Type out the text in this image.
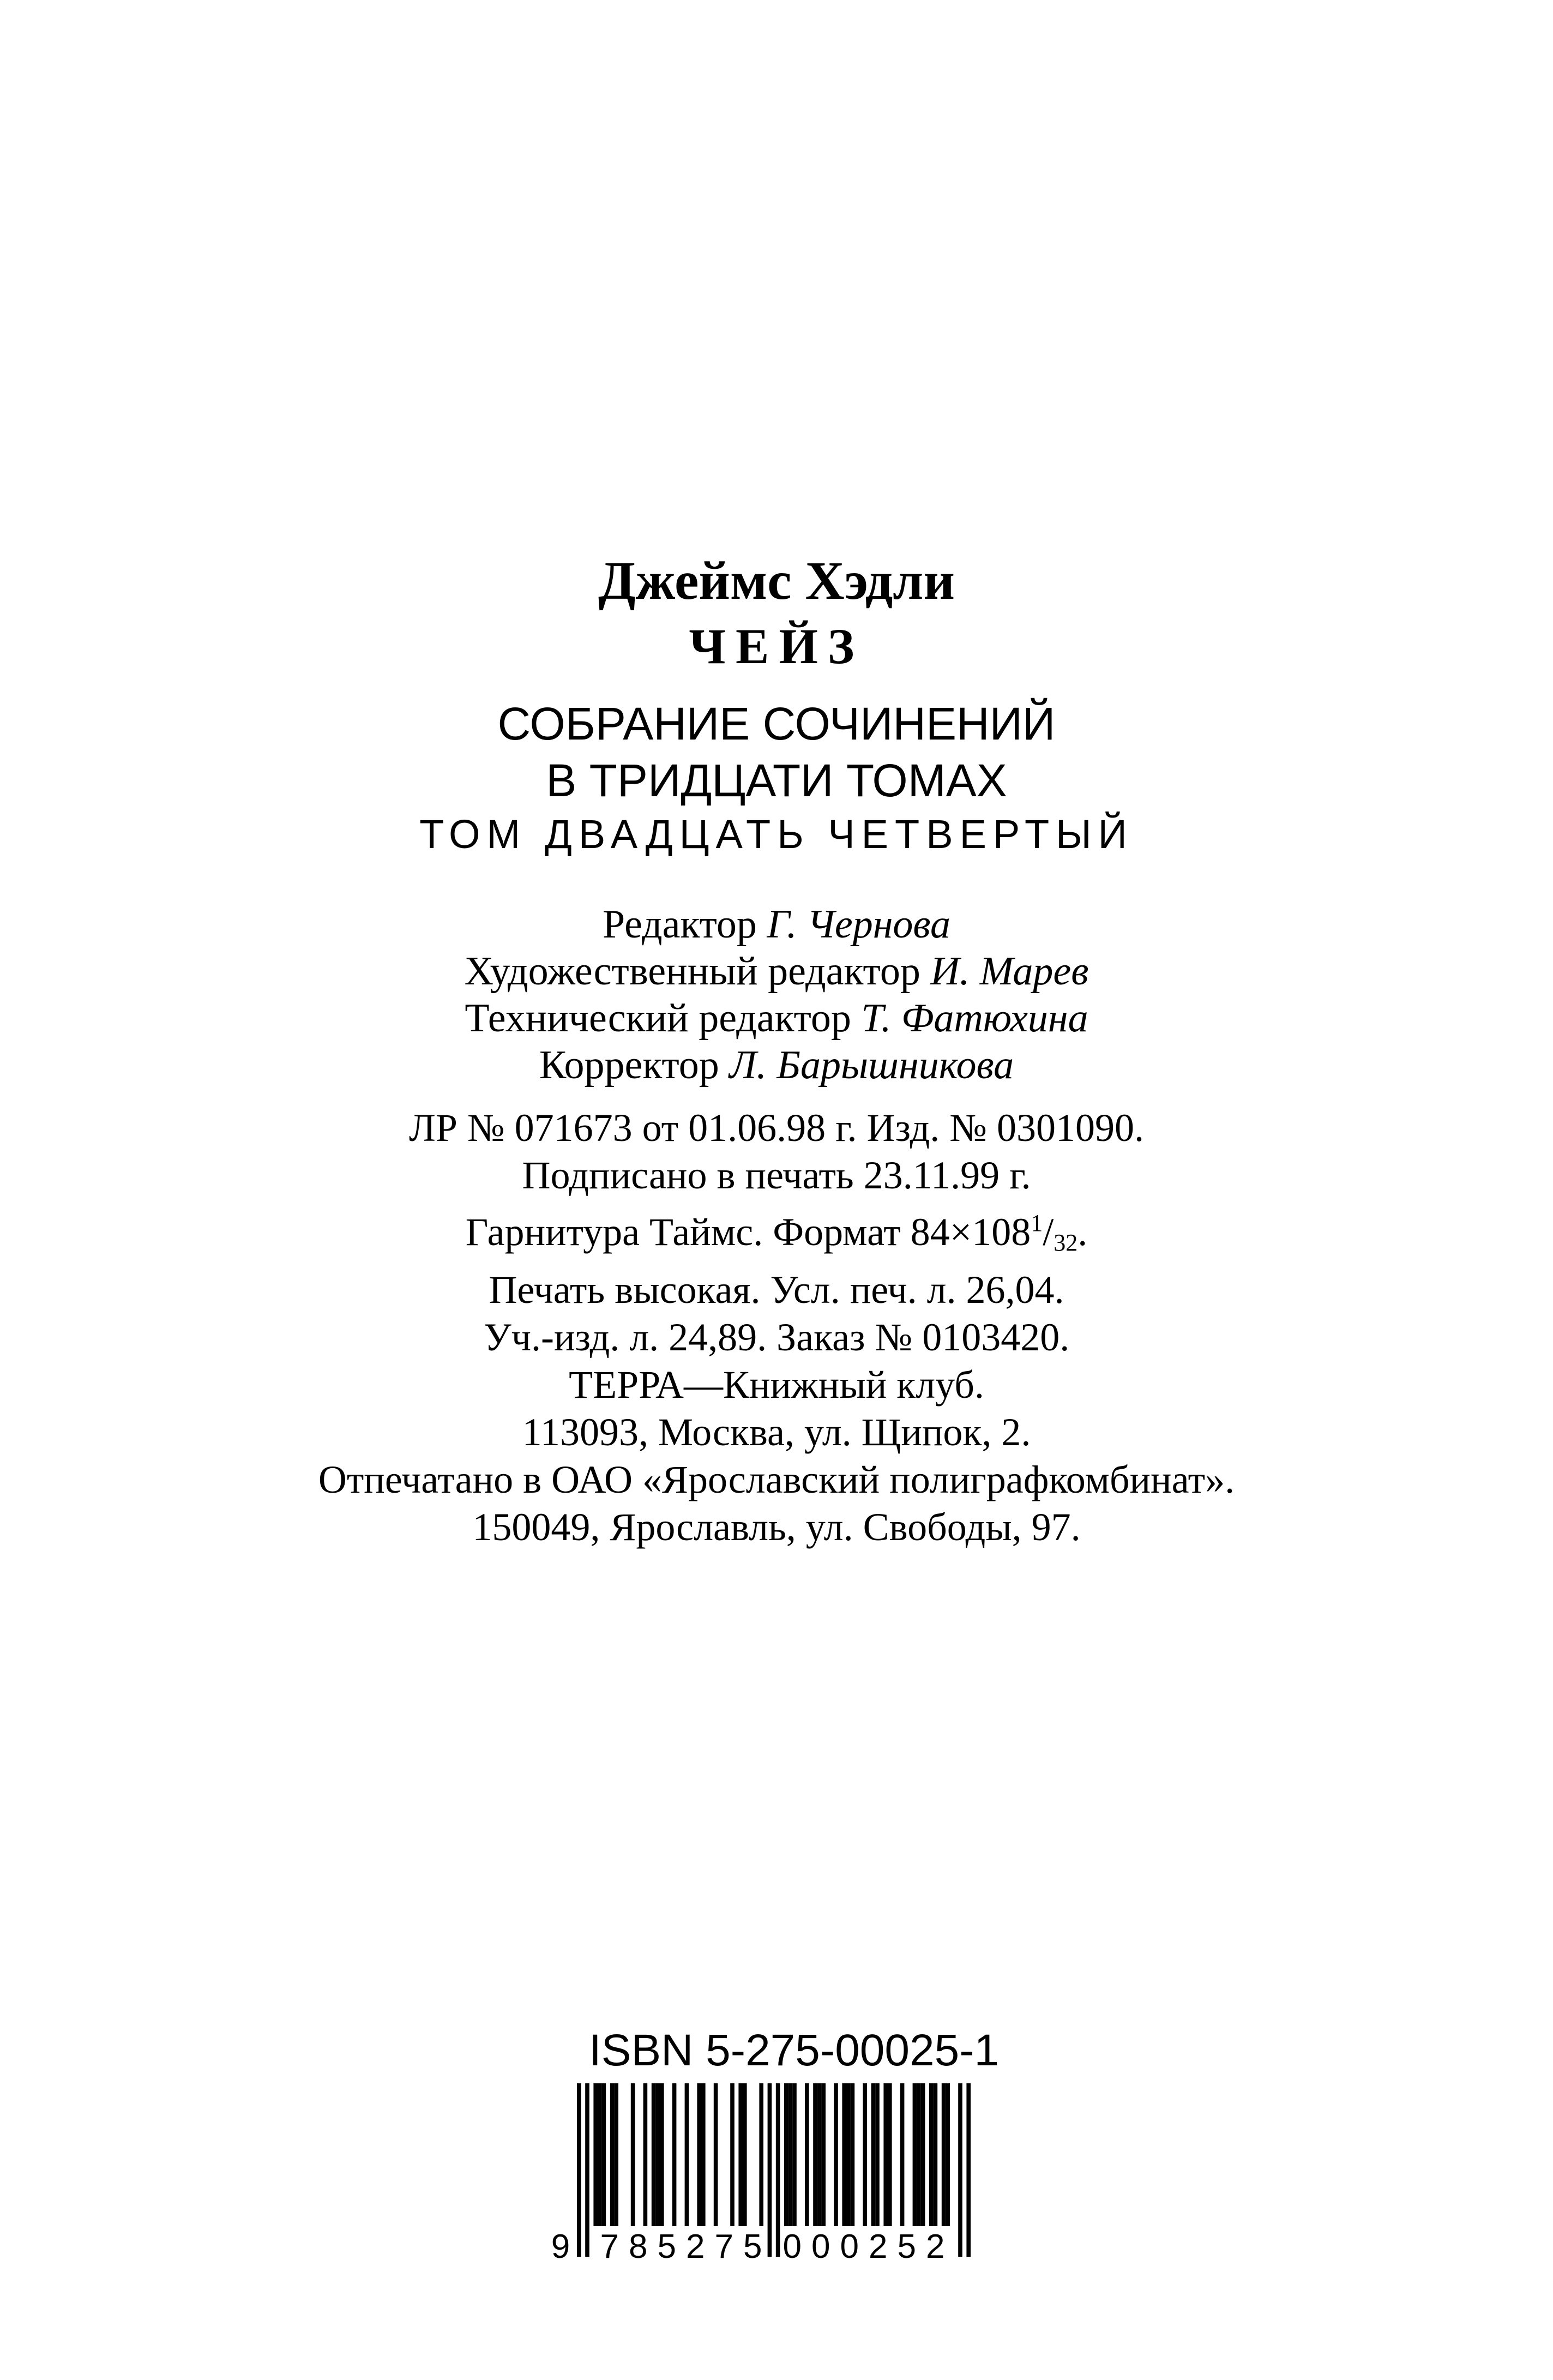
Джеймс Хэдли
ЧЕЙЗ
СОБРАНИЕ СОЧИНЕНИЙ
В ТРИДЦАТИ ТОМАХ
ТОМ ДВАДЦАТЬ ЧЕТВЕРТЫЙ
Редактор Г. Чернова
Художественный редактор И. Марев
Технический редактор Т. Фатюхина
Корректор Л. Барышникова
ЛР № 071673 от 01.06.98 г. Изд. № 0301090.
Подписано в печать 23.11.99 г.
Гарнитура Таймс. Формат $84\times 108^1/_{32}$.
Печать высокая. Усл. печ. л. 26,04.
Уч.-изд. л. 24,89. Заказ № 0103420.
ТЕРРА—Книжный клуб.
113093, Москва, ул. Щипок, 2.
Отпечатано в ОАО «Ярославский полиграфкомбинат».
150049, Ярославль, ул. Свободы, 97.
ISBN 5-275-00025-1
9 785275 000252
